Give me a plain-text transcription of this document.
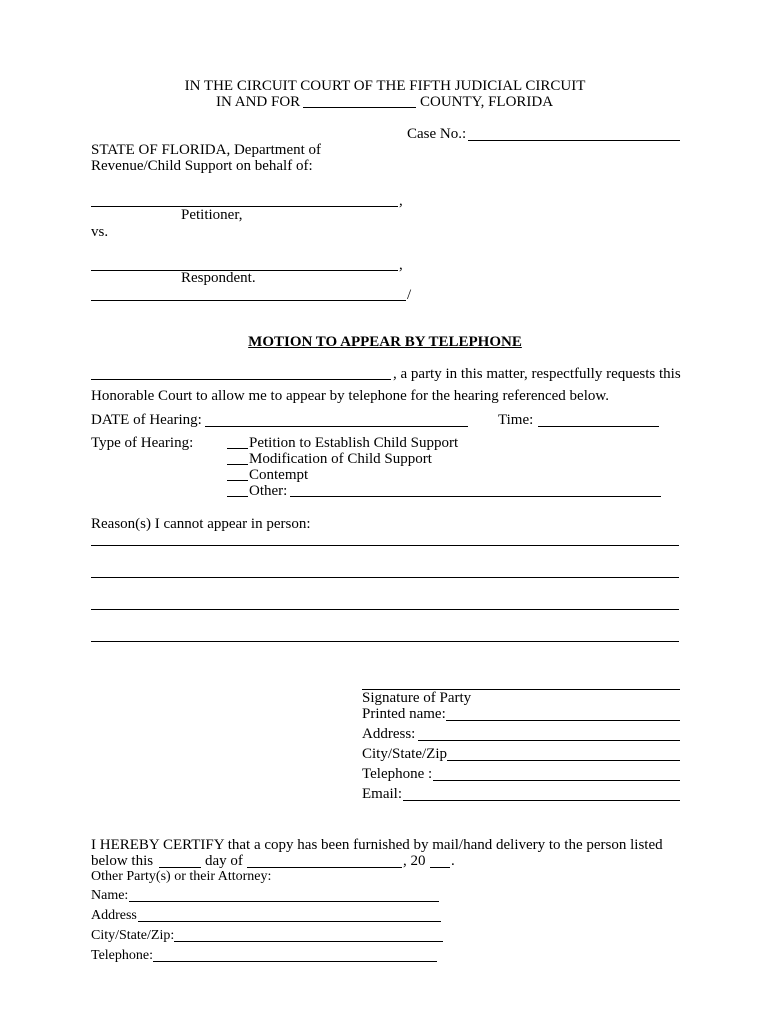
IN THE CIRCUIT COURT OF THE FIFTH JUDICIAL CIRCUIT
IN AND FOR	COUNTY, FLORIDA
Case No.:
STATE OF FLORIDA, Department of
Revenue/Child Support on behalf of:
,
Petitioner,
vs.
,
Respondent.
/
MOTION TO APPEAR BY TELEPHONE
, a party in this matter, respectfully requests this
Honorable Court to allow me to appear by telephone for the hearing referenced below.
DATE of Hearing:	Time:
Type of Hearing:	Petition to Establish Child Support
Modification of Child Support
Contempt
Other:
Reason(s) I cannot appear in person:
Signature of Party
Printed name:
Address:
City/State/Zip
Telephone :
Email:
I HEREBY CERTIFY that a copy has been furnished by mail/hand delivery to the person listed
below this	day of	, 20 .
Other Party(s) or their Attorney:
Name:
Address
City/State/Zip:
Telephone:
